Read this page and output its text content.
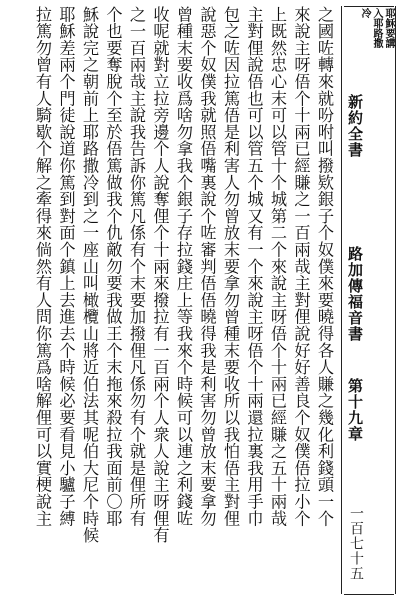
之國咗轉來就吩咐叫撥欵銀子个奴僕來要曉得各人賺之幾化利錢頭一个
來說主呀俉个十兩已經賺之一百兩哉主對俚說好好善良个奴僕俉拉小个
上既然忠心末可以管十个城第二个來說主呀俉个十兩已經賺之五十兩哉
主對俚說俉也可以管五个城又有一个來說主呀俉个十兩還拉裏我用手巾
包之咗因拉篤俉是利害人勿曾放末要拿勿曾種末要收所以我怕俉主對俚
說惡个奴僕我就照俉嘴裏說个咗審判俉俉曉得我是利害勿曾放末要拿勿
曾種末要收爲啥勿拿我个銀子存拉錢庄上等我來个時候可以連之利錢咗
收呢就對立拉旁邊个人說奪俚个十兩來撥拉有一百兩个人衆人說主呀俚有
之一百兩哉主說我告訴你篤凡係有个末要加撥俚凡係勿有个就是俚所有
个也要奪脫个至於俉篤做我个仇敵勿要我做王个末拖來殺拉我面前〇耶
穌說完之朝前上耶路撒冷到之一座山叫橄欖山將近伯法其呢伯大尼个時候
耶穌差兩个門徒說道你篤到對面个鎮上去進去个時候必要看見小驢子縛
拉篤勿曾有人騎歇个解之牽得來倘然有人問你篤爲啥解俚可以實梗說主	耶穌要講
入耶路撒
冷
新約全書
路加傳福音書
第十九章
一百七十五
